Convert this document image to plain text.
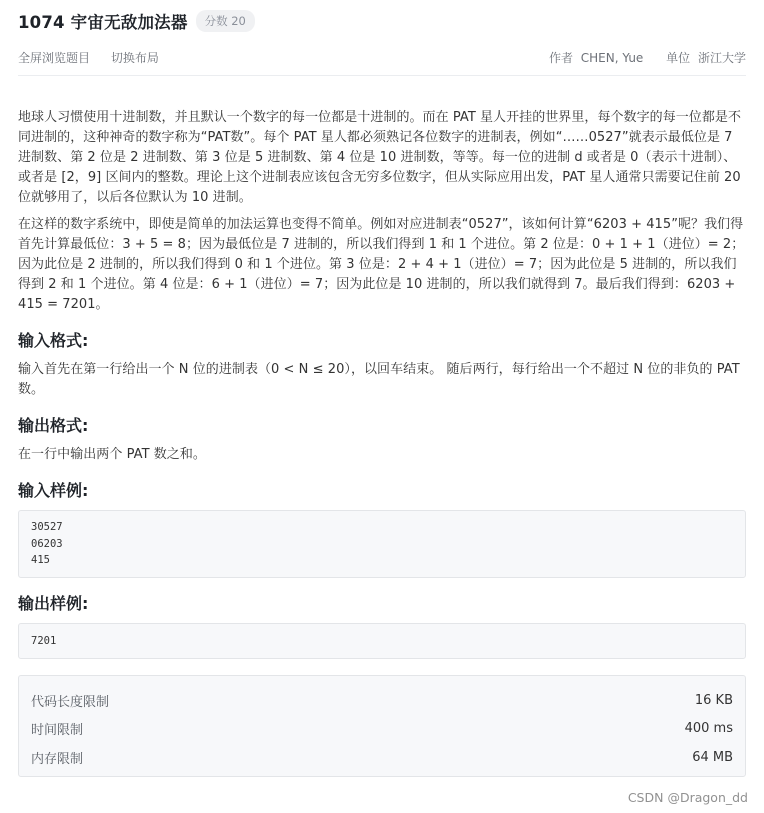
1074 宇宙无敌加法器	分数 20
全屏浏览题目 切换布局	作者 CHEN, Yue 单位 浙江大学

地球人习惯使用十进制数，并且默认一个数字的每一位都是十进制的。而在 PAT 星人开挂的世界里，每个数字的每一位都是不同进制的，这种神奇的数字称为“PAT数”。每个 PAT 星人都必须熟记各位数字的进制表，例如“……0527”就表示最低位是 7 进制数、第 2 位是 2 进制数、第 3 位是 5 进制数、第 4 位是 10 进制数，等等。每一位的进制 d 或者是 0（表示十进制）、或者是 [2，9] 区间内的整数。理论上这个进制表应该包含无穷多位数字，但从实际应用出发，PAT 星人通常只需要记住前 20 位就够用了，以后各位默认为 10 进制。

在这样的数字系统中，即使是简单的加法运算也变得不简单。例如对应进制表“0527”，该如何计算“6203 + 415”呢？我们得首先计算最低位：3 + 5 = 8；因为最低位是 7 进制的，所以我们得到 1 和 1 个进位。第 2 位是：0 + 1 + 1（进位）= 2；因为此位是 2 进制的，所以我们得到 0 和 1 个进位。第 3 位是：2 + 4 + 1（进位）= 7；因为此位是 5 进制的，所以我们得到 2 和 1 个进位。第 4 位是：6 + 1（进位）= 7；因为此位是 10 进制的，所以我们就得到 7。最后我们得到：6203 + 415 = 7201。

输入格式:

输入首先在第一行给出一个 N 位的进制表（0 < N ≤ 20），以回车结束。 随后两行，每行给出一个不超过 N 位的非负的 PAT 数。

输出格式:

在一行中输出两个 PAT 数之和。

输入样例:
30527
06203
415
输出样例:
7201
代码长度限制	16 KB
时间限制	400 ms
内存限制	64 MB
CSDN @Dragon_dd
